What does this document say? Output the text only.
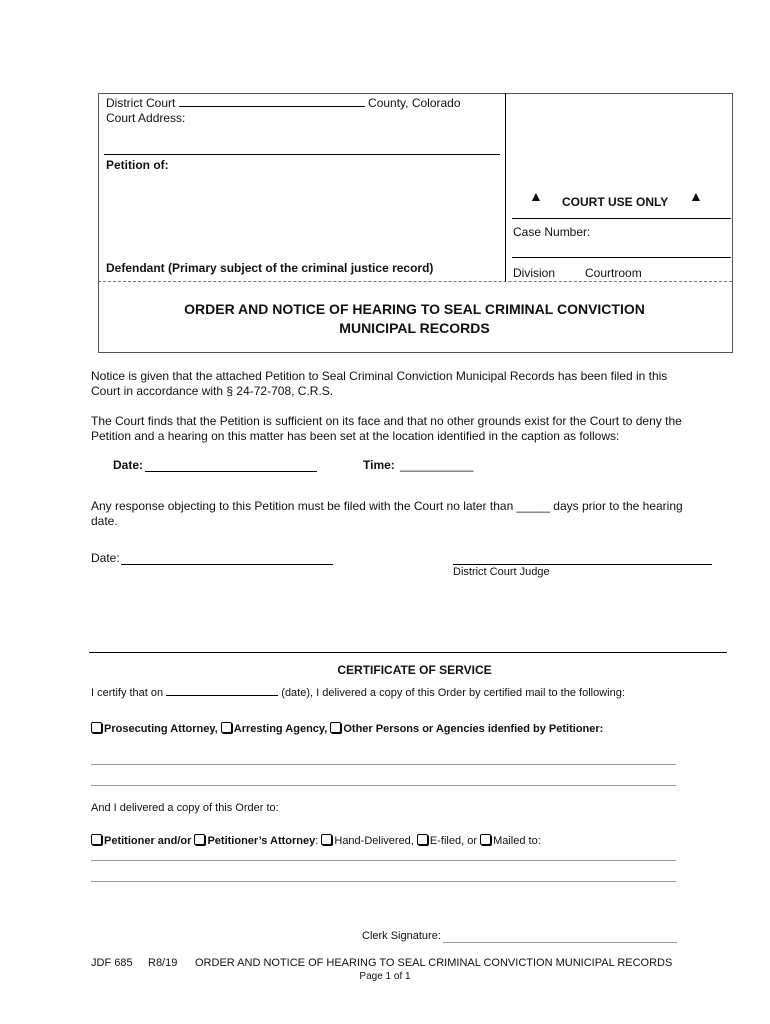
District Court	County, Colorado
Court Address:
Petition of:
Defendant (Primary subject of the criminal justice record)
▲ COURT USE ONLY ▲
Case Number:
Division Courtroom
ORDER AND NOTICE OF HEARING TO SEAL CRIMINAL CONVICTION
MUNICIPAL RECORDS
Notice is given that the attached Petition to Seal Criminal Conviction Municipal Records has been filed in this
Court in accordance with § 24-72-708, C.R.S.
The Court finds that the Petition is sufficient on its face and that no other grounds exist for the Court to deny the
Petition and a hearing on this matter has been set at the location identified in the caption as follows:
Date:	Time: ___________
Any response objecting to this Petition must be filed with the Court no later than _____ days prior to the hearing
date.
Date:
District Court Judge
CERTIFICATE OF SERVICE
I certify that on	(date), I delivered a copy of this Order by certified mail to the following:
Prosecuting Attorney, Arresting Agency, Other Persons or Agencies idenfied by Petitioner:
And I delivered a copy of this Order to:
Petitioner and/or Petitioner’s Attorney: Hand-Delivered, E-filed, or Mailed to:
Clerk Signature:
JDF 685 R8/19 ORDER AND NOTICE OF HEARING TO SEAL CRIMINAL CONVICTION MUNICIPAL RECORDS
Page 1 of 1
